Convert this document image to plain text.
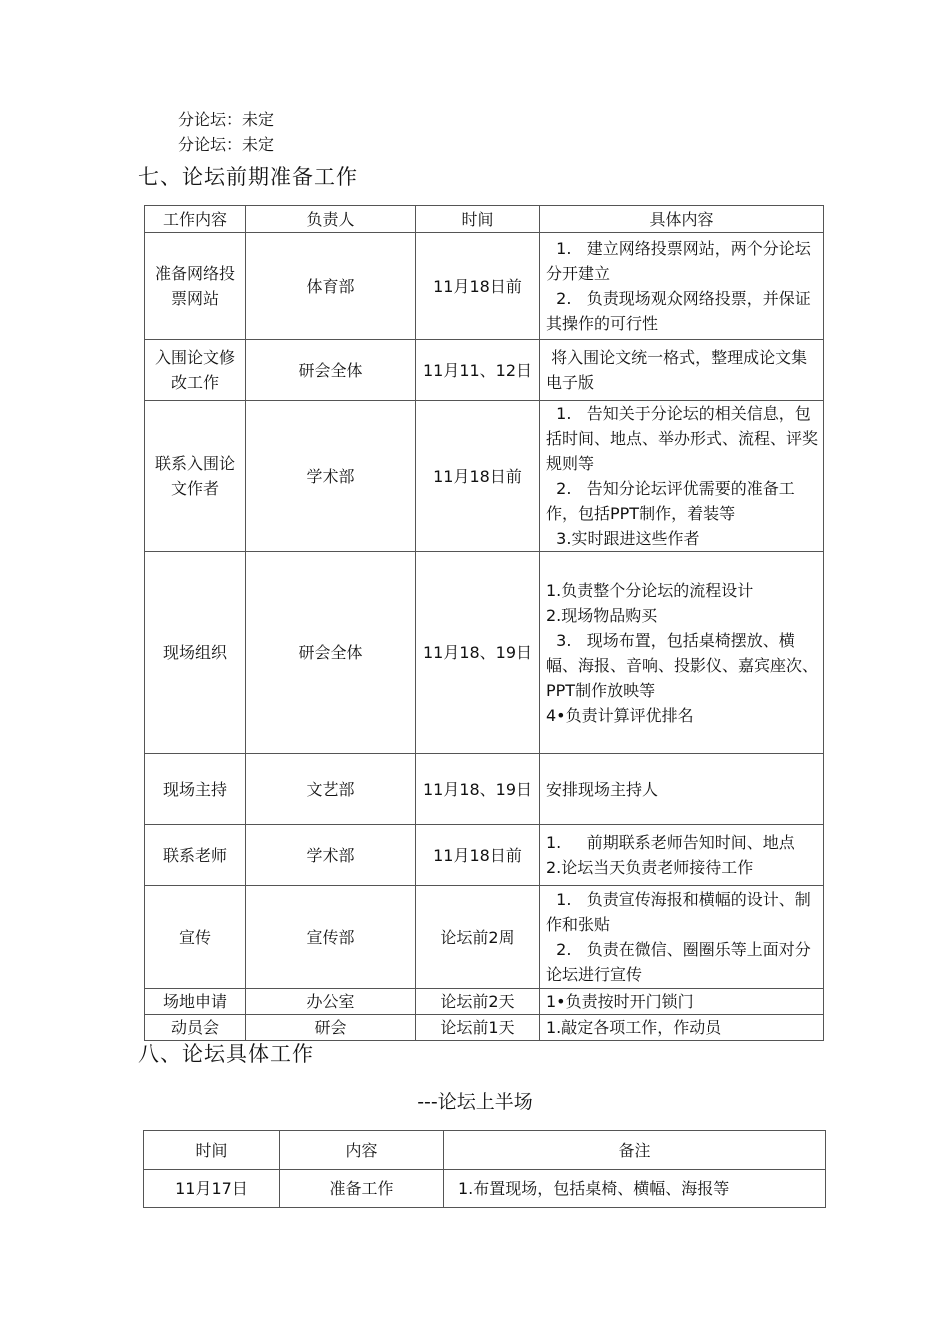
分论坛：未定
分论坛：未定
七、论坛前期准备工作
工作内容	负责人	时间	具体内容
准备网络投票网站	体育部	11月18日前	1.   建立网络投票网站，两个分论坛分开建立
2.   负责现场观众网络投票，并保证其操作的可行性

入围论文修改工作	研会全体	11月11、12日	将入围论文统一格式，整理成论文集电子版

联系入围论文作者	学术部	11月18日前	1.   告知关于分论坛的相关信息，包括时间、地点、举办形式、流程、评奖规则等
2.   告知分论坛评优需要的准备工作，包括PPT制作，着装等
3.实时跟进这些作者

现场组织	研会全体	11月18、19日	1.负责整个分论坛的流程设计
2.现场物品购买
3.   现场布置，包括桌椅摆放、横幅、海报、音响、投影仪、嘉宾座次、PPT制作放映等
4•负责计算评优排名

现场主持	文艺部	11月18、19日	安排现场主持人

联系老师	学术部	11月18日前	1.     前期联系老师告知时间、地点
2.论坛当天负责老师接待工作

宣传	宣传部	论坛前2周	1.   负责宣传海报和横幅的设计、制作和张贴
2.   负责在微信、圈圈乐等上面对分论坛进行宣传

场地申请	办公室	论坛前2天	1•负责按时开门锁门

动员会	研会	论坛前1天	1.敲定各项工作，作动员
八、论坛具体工作
---论坛上半场
时间	内容	备注
11月17日	准备工作	1.布置现场，包括桌椅、横幅、海报等
